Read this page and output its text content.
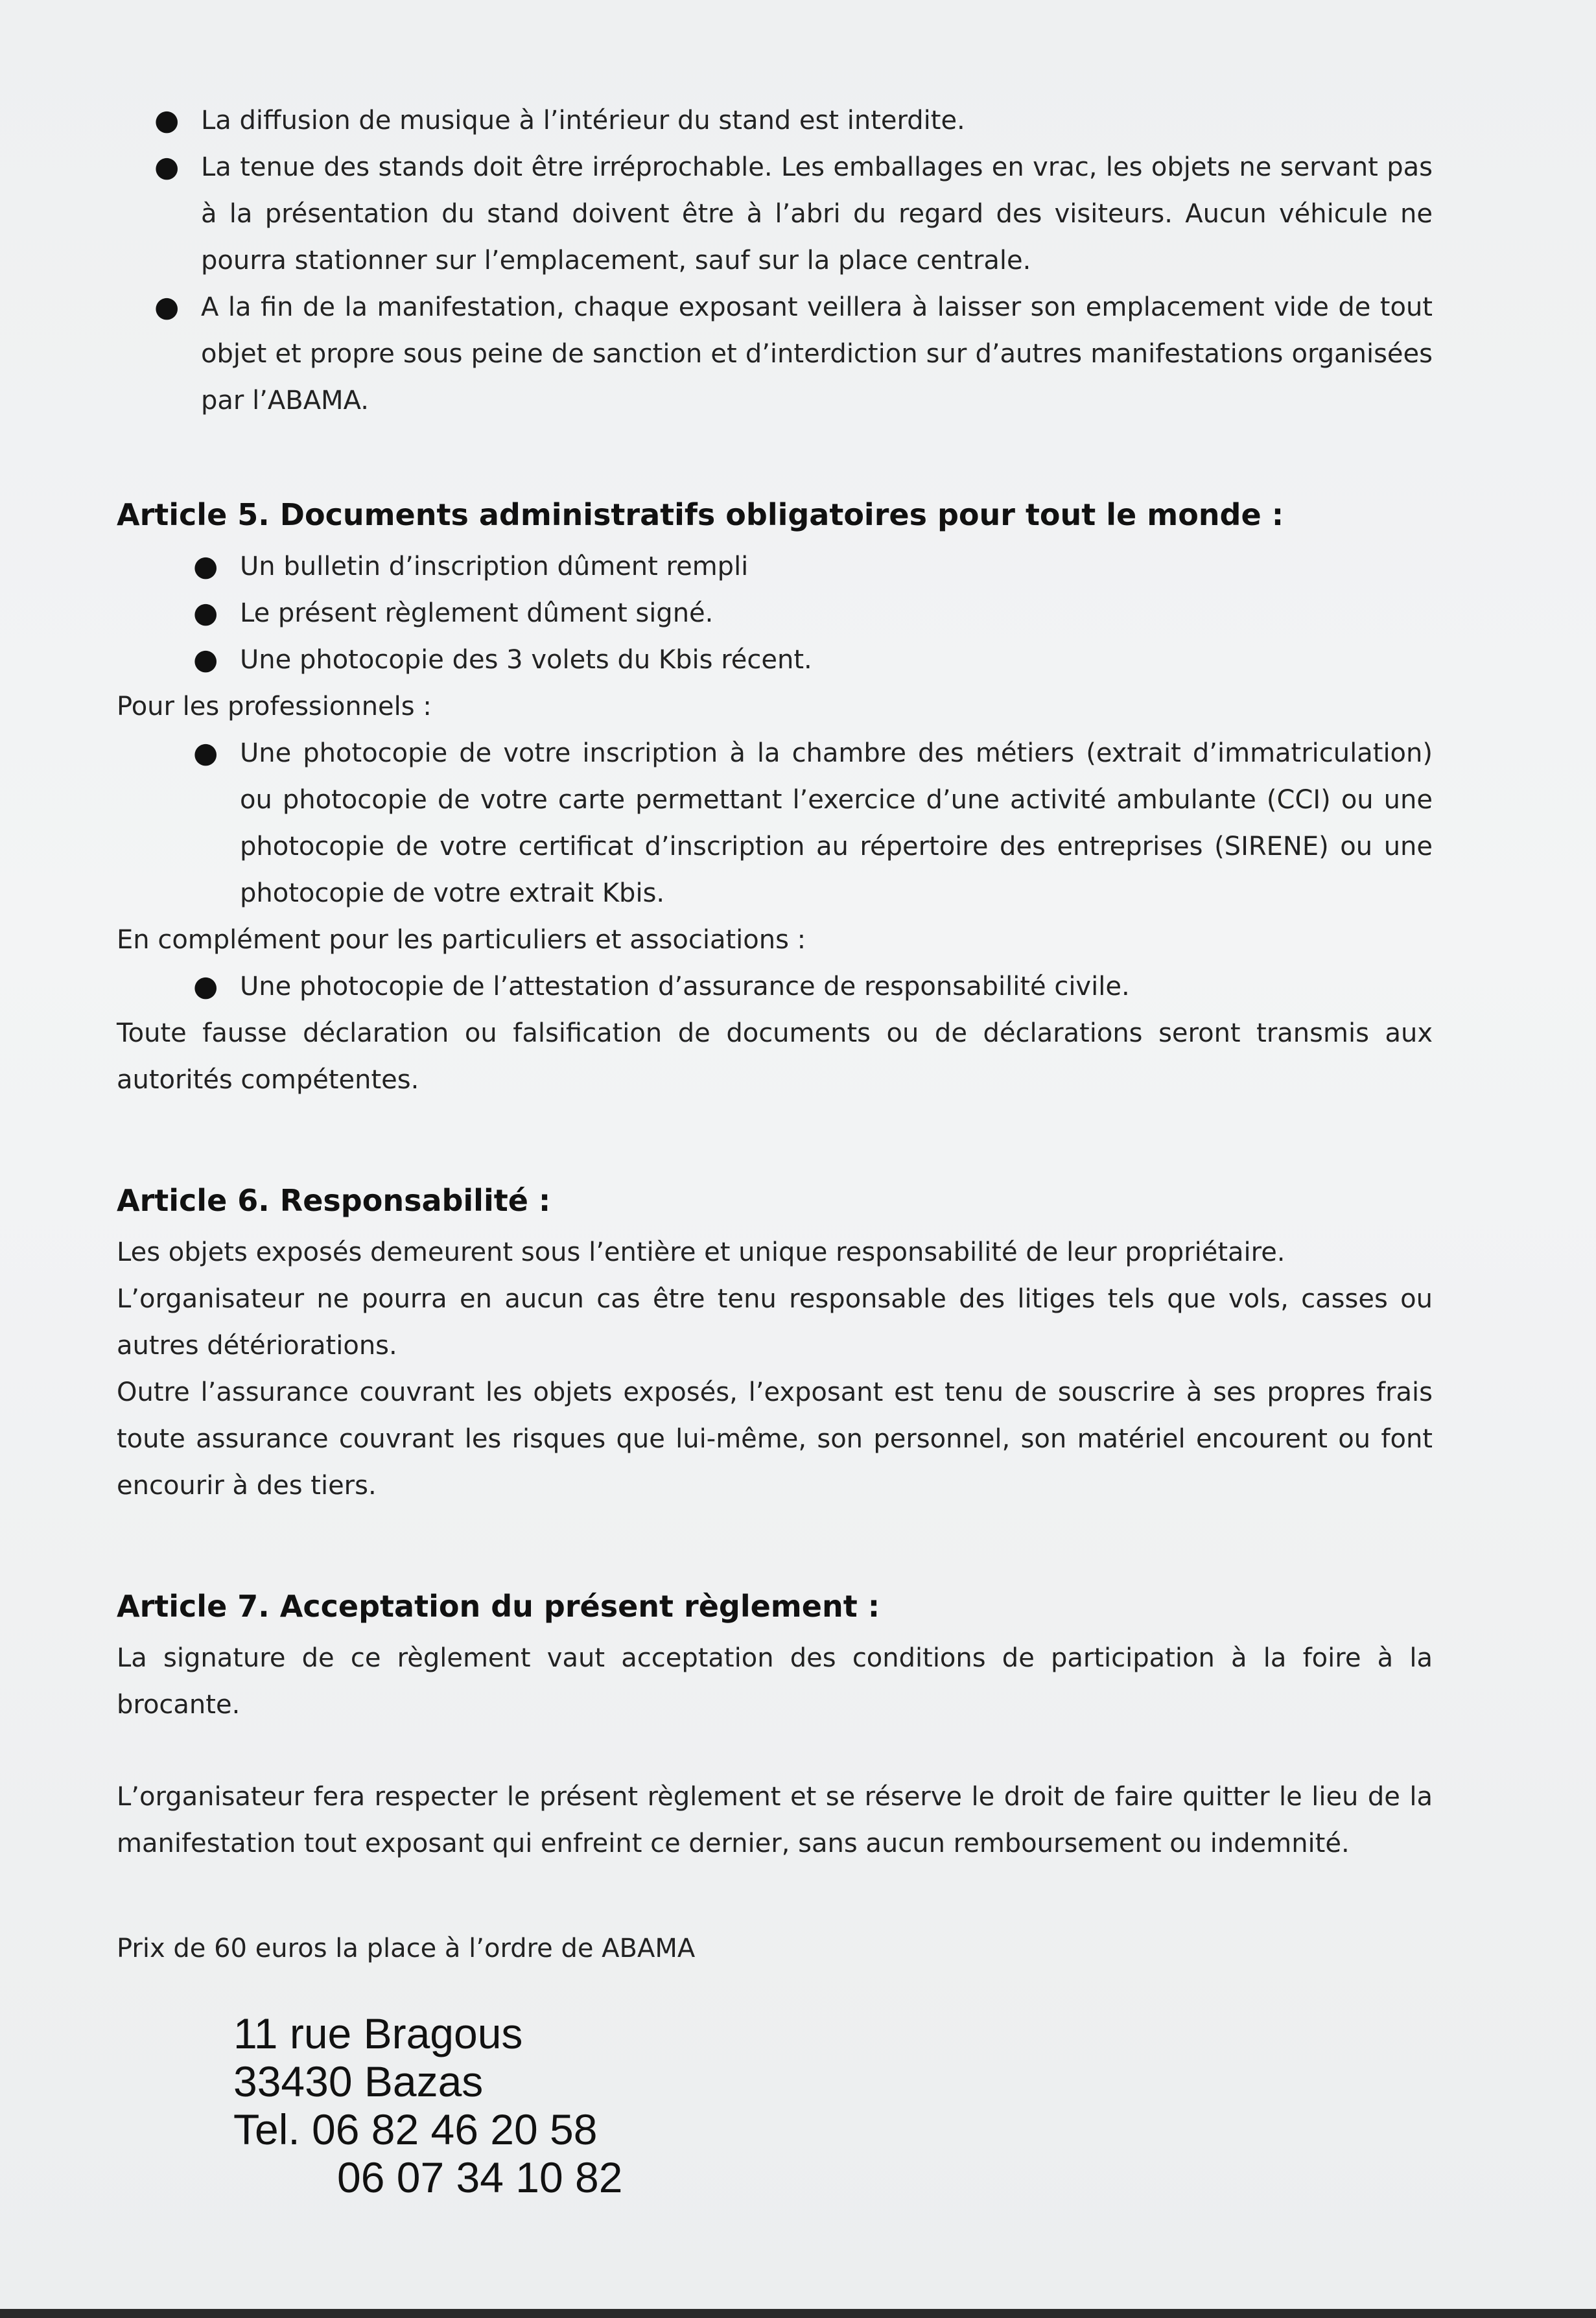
● La diffusion de musique à l’intérieur du stand est interdite.
● La tenue des stands doit être irréprochable. Les emballages en vrac, les objets ne servant pas à la présentation du stand doivent être à l’abri du regard des visiteurs. Aucun véhicule ne pourra stationner sur l’emplacement, sauf sur la place centrale.
● A la fin de la manifestation, chaque exposant veillera à laisser son emplacement vide de tout objet et propre sous peine de sanction et d’interdiction sur d’autres manifestations organisées par l’ABAMA.
Article 5. Documents administratifs obligatoires pour tout le monde :
● Un bulletin d’inscription dûment rempli
● Le présent règlement dûment signé.
● Une photocopie des 3 volets du Kbis récent.

Pour les professionnels :

● Une photocopie de votre inscription à la chambre des métiers (extrait d’immatriculation) ou photocopie de votre carte permettant l’exercice d’une activité ambulante (CCI) ou une photocopie de votre certificat d’inscription au répertoire des entreprises (SIRENE) ou une photocopie de votre extrait Kbis.

En complément pour les particuliers et associations :

● Une photocopie de l’attestation d’assurance de responsabilité civile.

Toute fausse déclaration ou falsification de documents ou de déclarations seront transmis aux autorités compétentes.

Article 6. Responsabilité :

Les objets exposés demeurent sous l’entière et unique responsabilité de leur propriétaire.

L’organisateur ne pourra en aucun cas être tenu responsable des litiges tels que vols, casses ou autres détériorations.

Outre l’assurance couvrant les objets exposés, l’exposant est tenu de souscrire à ses propres frais toute assurance couvrant les risques que lui-même, son personnel, son matériel encourent ou font encourir à des tiers.

Article 7. Acceptation du présent règlement :

La signature de ce règlement vaut acceptation des conditions de participation à la foire à la brocante.

L’organisateur fera respecter le présent règlement et se réserve le droit de faire quitter le lieu de la manifestation tout exposant qui enfreint ce dernier, sans aucun remboursement ou indemnité.

Prix de 60 euros la place à l’ordre de ABAMA

11 rue Bragous
33430 Bazas
Tel. 06 82 46 20 58
06 07 34 10 82
